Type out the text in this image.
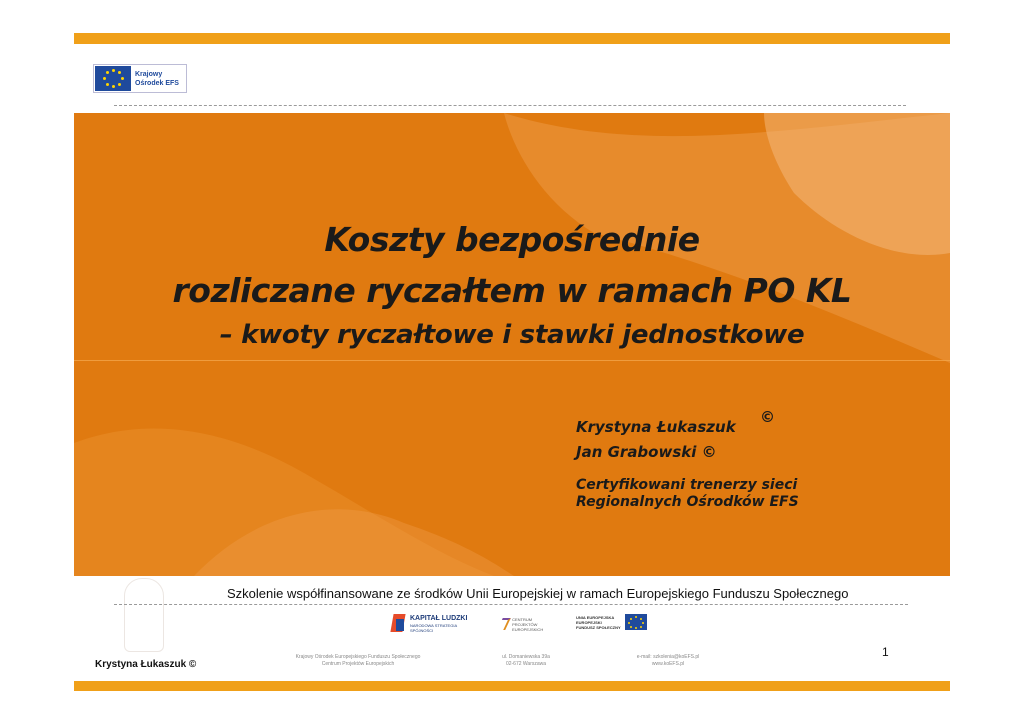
Krajowy
Ośrodek EFS
Koszty bezpośrednie
rozliczane ryczałtem w ramach PO KL
– kwoty ryczałtowe i stawki jednostkowe
Krystyna Łukaszuk
©
Jan Grabowski ©
Certyfikowani trenerzy sieci
Regionalnych Ośrodków EFS
Szkolenie współfinansowane ze środków Unii Europejskiej w ramach Europejskiego Funduszu Społecznego
KAPITAŁ LUDZKI
NARODOWA STRATEGIA SPÓJNOŚCI
CENTRUM PROJEKTÓW EUROPEJSKICH
UNIA EUROPEJSKA
EUROPEJSKI
FUNDUSZ SPOŁECZNY
Krajowy Ośrodek Europejskiego Funduszu Społecznego
Centrum Projektów Europejskich
ul. Domaniewska 39a
02-672 Warszawa
e-mail: szkolenia@koEFS.pl
www.koEFS.pl
Krystyna Łukaszuk ©
1
